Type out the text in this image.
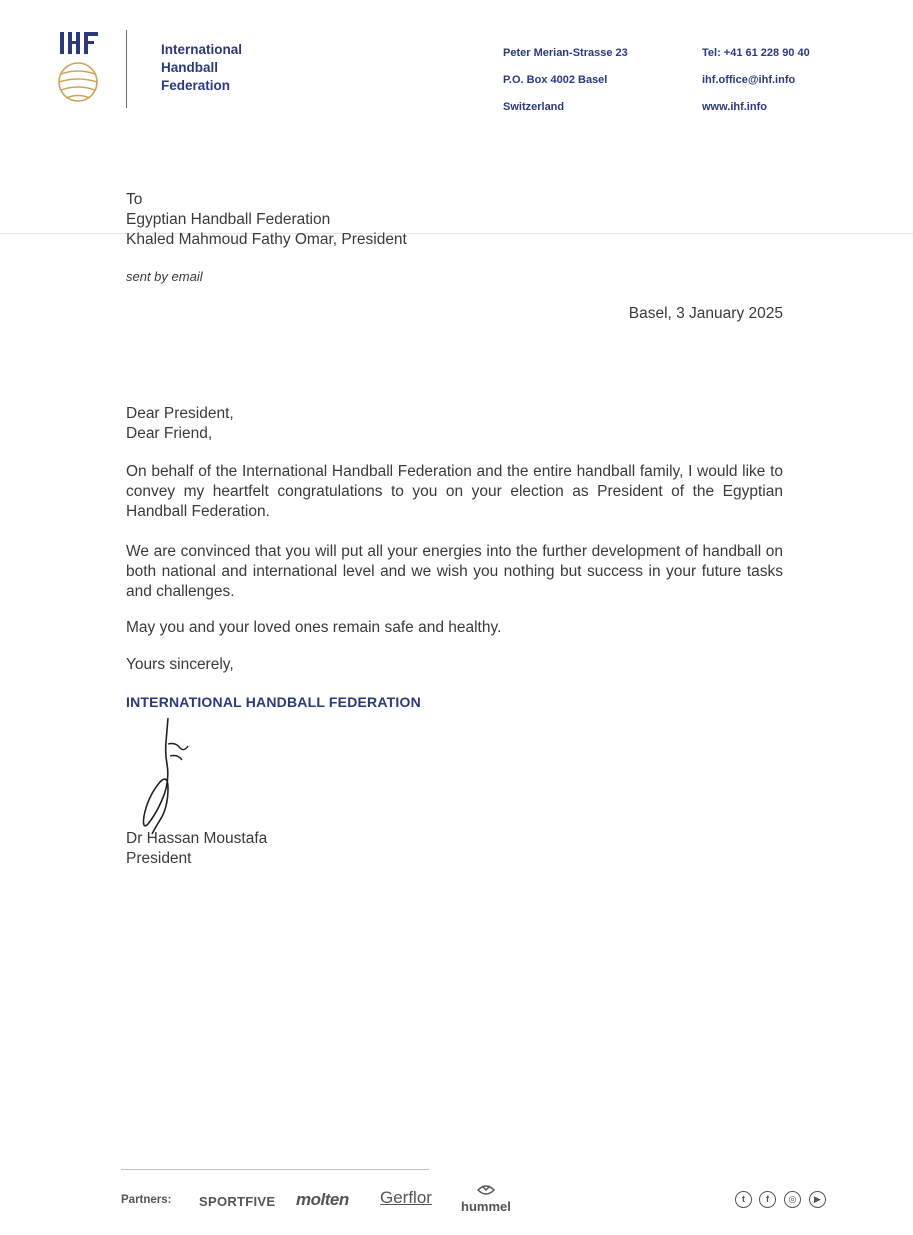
International
Handball
Federation
Peter Merian-Strasse 23
P.O. Box 4002 Basel
Switzerland
Tel: +41 61 228 90 40
ihf.office@ihf.info
www.ihf.info
To
Egyptian Handball Federation
Khaled Mahmoud Fathy Omar, President
sent by email
Basel, 3 January 2025
Dear President,
Dear Friend,
On behalf of the International Handball Federation and the entire handball family, I would like to convey my heartfelt congratulations to you on your election as President of the Egyptian Handball Federation.
We are convinced that you will put all your energies into the further development of handball on both national and international level and we wish you nothing but success in your future tasks and challenges.
May you and your loved ones remain safe and healthy.
Yours sincerely,
INTERNATIONAL HANDBALL FEDERATION
Dr Hassan Moustafa
President
Partners: SPORTFIVE molten Gerflor hummel	t	f	◎	▶
